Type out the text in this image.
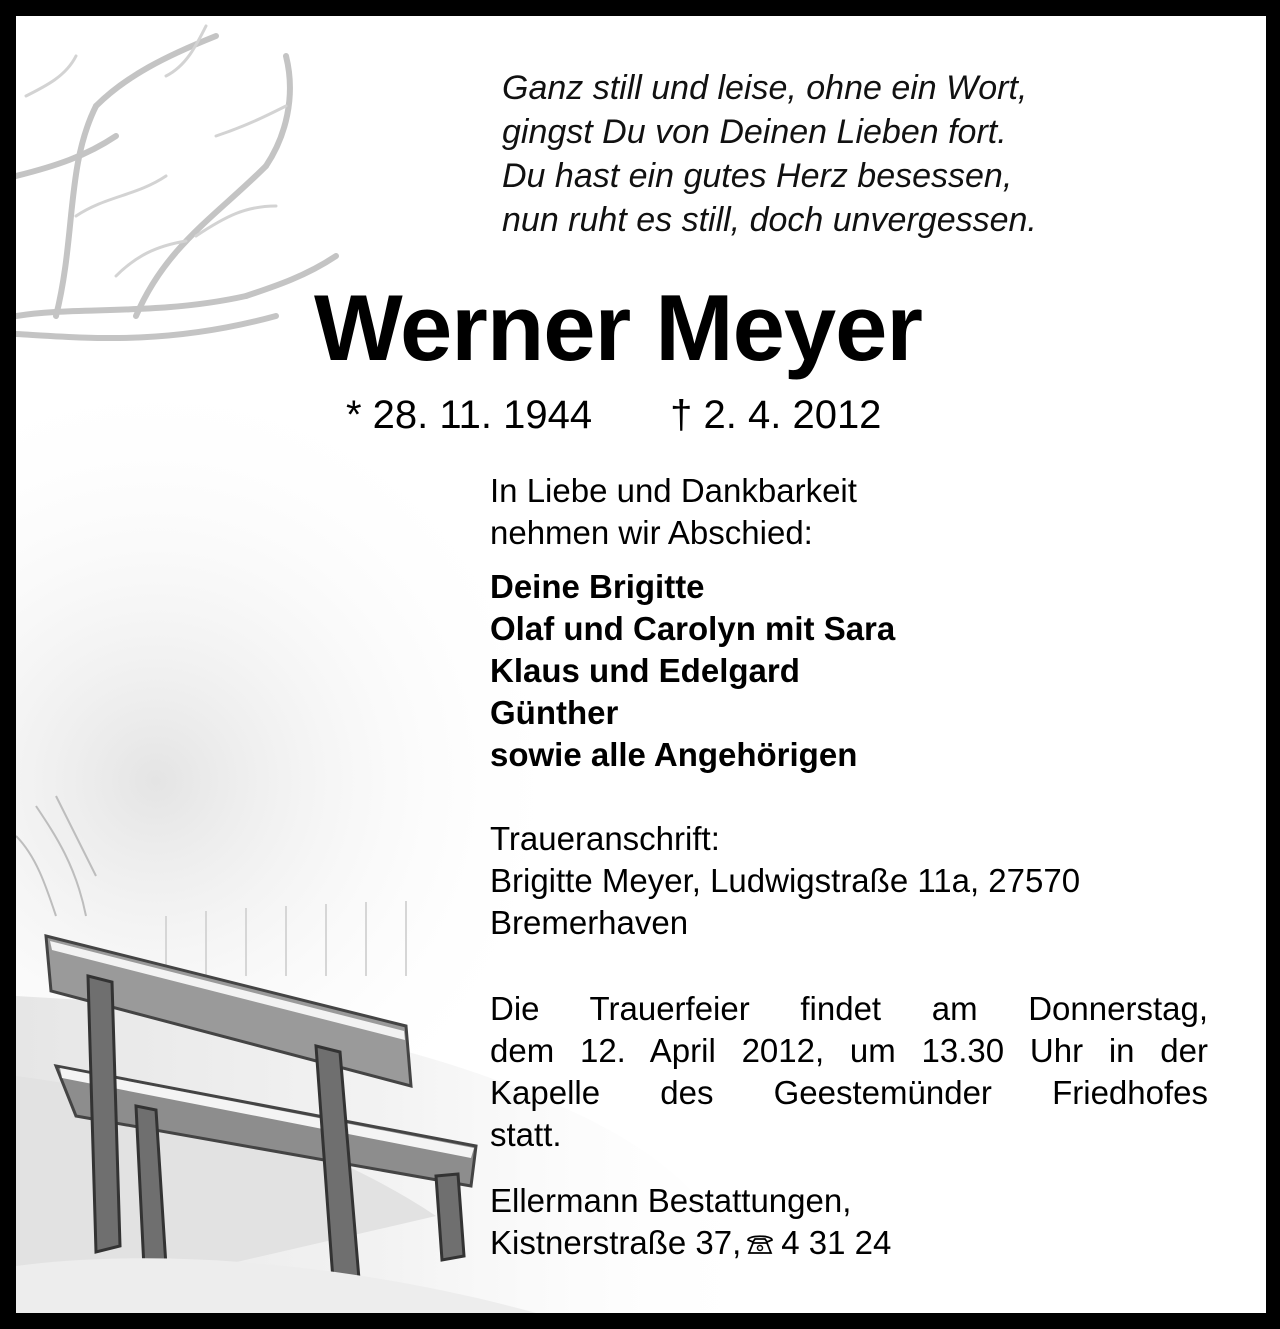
Ganz still und leise, ohne ein Wort,
gingst Du von Deinen Lieben fort.
Du hast ein gutes Herz besessen,
nun ruht es still, doch unvergessen.
Werner Meyer
* 28. 11. 1944 † 2. 4. 2012
In Liebe und Dankbarkeit
nehmen wir Abschied:
Deine Brigitte
Olaf und Carolyn mit Sara
Klaus und Edelgard
Günther
sowie alle Angehörigen
Traueranschrift:
Brigitte Meyer, Ludwigstraße 11a, 27570
Bremerhaven
Die Trauerfeier findet am Donnerstag,
dem 12. April 2012, um 13.30 Uhr in der
Kapelle des Geestemünder Friedhofes
statt.
Ellermann Bestattungen,
Kistnerstraße 37, 4 31 24
